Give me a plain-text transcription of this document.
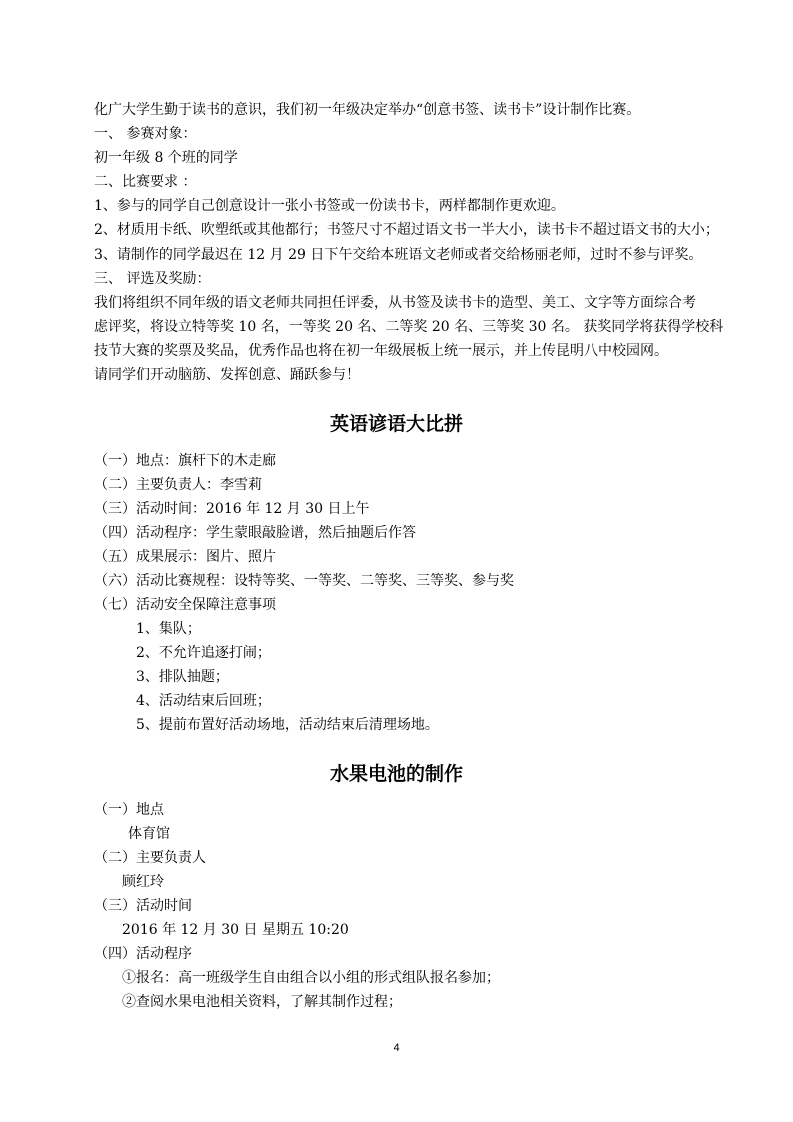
化广大学生勤于读书的意识，我们初一年级决定举办“创意书签、读书卡”设计制作比赛。
一、 参赛对象：
初一年级 8 个班的同学
二、比赛要求 ：
1、参与的同学自己创意设计一张小书签或一份读书卡，两样都制作更欢迎。
2、材质用卡纸、吹塑纸或其他都行；书签尺寸不超过语文书一半大小，读书卡不超过语文书的大小；
3、请制作的同学最迟在 12 月 29 日下午交给本班语文老师或者交给杨丽老师，过时不参与评奖。
三、 评选及奖励：
我们将组织不同年级的语文老师共同担任评委，从书签及读书卡的造型、美工、文字等方面综合考
虑评奖，将设立特等奖 10 名，一等奖 20 名、二等奖 20 名、三等奖 30 名。 获奖同学将获得学校科
技节大赛的奖票及奖品，优秀作品也将在初一年级展板上统一展示，并上传昆明八中校园网。
请同学们开动脑筋、发挥创意、踊跃参与！
英语谚语大比拼
（一）地点：旗杆下的木走廊
（二）主要负责人：李雪莉
（三）活动时间：2016 年 12 月 30 日上午
（四）活动程序：学生蒙眼敲脸谱，然后抽题后作答
（五）成果展示：图片、照片
（六）活动比赛规程：设特等奖、一等奖、二等奖、三等奖、参与奖
（七）活动安全保障注意事项
1、集队；
2、不允许追逐打闹；
3、排队抽题；
4、活动结束后回班；
5、提前布置好活动场地，活动结束后清理场地。
水果电池的制作
（一）地点
体育馆
（二）主要负责人
顾红玲
（三）活动时间
2016 年 12 月 30 日 星期五 10:20
（四）活动程序
①报名：高一班级学生自由组合以小组的形式组队报名参加；
②查阅水果电池相关资料，了解其制作过程；
4
